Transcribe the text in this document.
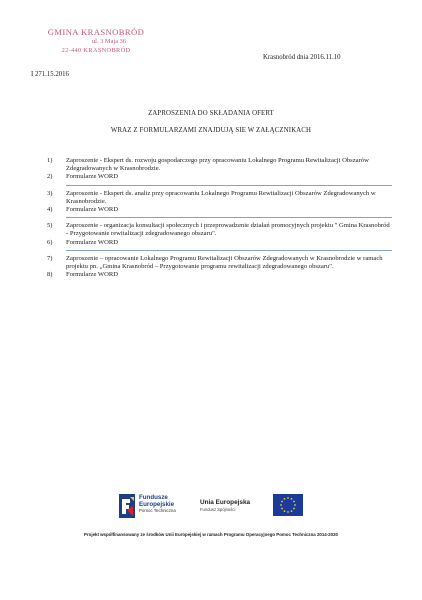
GMINA KRASNOBRÓD
ul. 3 Maja 36
22-440 KRASNOBRÓD
Krasnobród dnia 2016.11.10
I 271.15.2016
ZAPROSZENIA DO SKŁADANIA OFERT
WRAZ Z FORMULARZAMI ZNAJDUJĄ SIE W ZAŁĄCZNIKACH
1)	Zaproszenie - Ekspert ds. rozwoju gospodarczego przy opracowaniu Lokalnego Programu Rewitalizacji Obszarów Zdegradowanych w Krasnobrodzie.
2)	Formularze WORD
3)	Zaproszenie - Ekspert ds. analiz przy opracowaniu Lokalnego Programu Rewitalizacji Obszarów Zdegradowanych w Krasnobrodzie.
4)	Formularze WORD
5)	Zaproszenie - organizacja konsultacji społecznych i przeprowadzenie działań promocyjnych projektu " Gmina Krasnobród - Przygotowanie rewitalizacji zdegradowanego obszaru".
6)	Formularze WORD
7)	Zaproszenie – opracowanie Lokalnego Programu Rewitalizacji Obszarów Zdegradowanych w Krasnobrodzie w ramach projektu pn. „Gmina Krasnobród – Przygotowanie programu rewitalizacji zdegradowanego obszaru".
8)	Formularze WORD
Fundusze
Europejskie
Pomoc Techniczna
Unia Europejska
Fundusz Spójności
Projekt współfinansowany ze środków Unii Europejskiej w ramach Programu Operacyjnego Pomoc Techniczna 2014-2020
